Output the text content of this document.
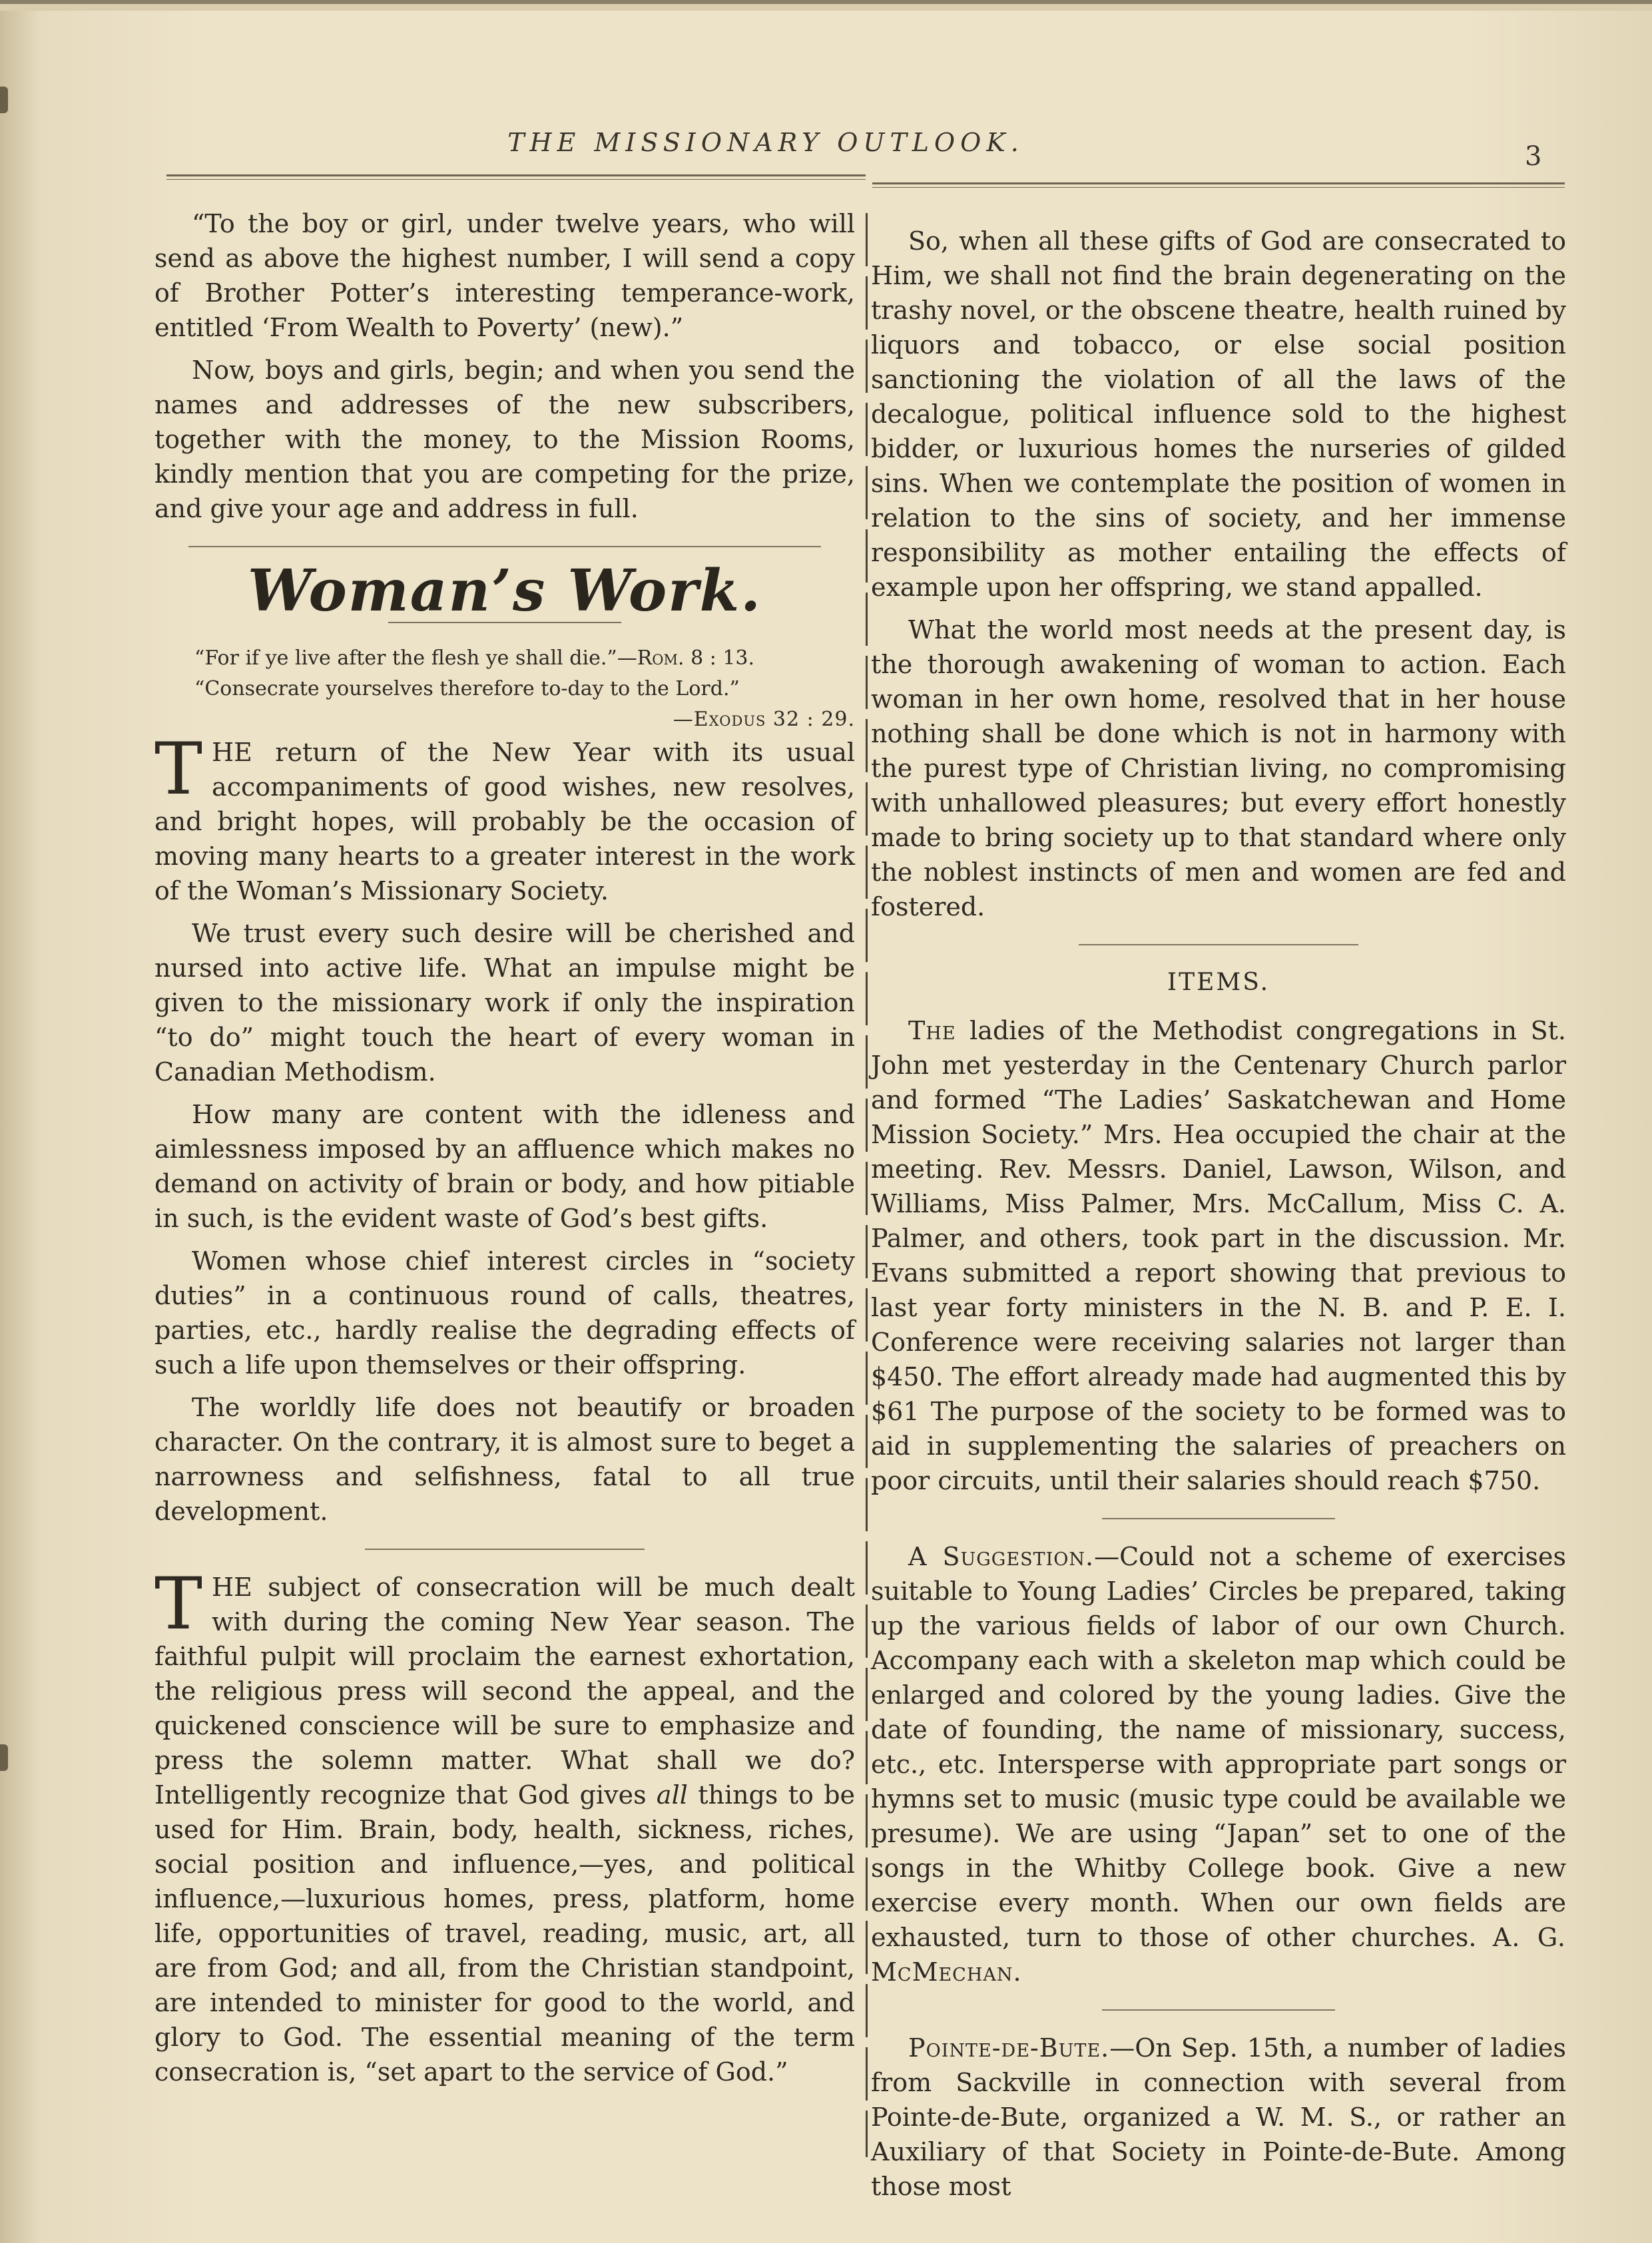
THE MISSIONARY OUTLOOK.	3

“To the boy or girl, under twelve years, who will send as above the highest number, I will send a copy of Brother Potter’s interesting temperance-work, entitled ‘From Wealth to Poverty’ (new).”

Now, boys and girls, begin; and when you send the names and addresses of the new subscribers, together with the money, to the Mission Rooms, kindly mention that you are competing for the prize, and give your age and address in full.

Woman’s Work.
“For if ye live after the flesh ye shall die.”—Rom. 8 : 13.
“Consecrate yourselves therefore to-day to the Lord.”
—Exodus 32 : 29.

THE return of the New Year with its usual accompaniments of good wishes, new resolves, and bright hopes, will probably be the occasion of moving many hearts to a greater interest in the work of the Woman’s Missionary Society.

We trust every such desire will be cherished and nursed into active life. What an impulse might be given to the missionary work if only the inspiration “to do” might touch the heart of every woman in Canadian Methodism.

How many are content with the idleness and aimlessness imposed by an affluence which makes no demand on activity of brain or body, and how pitiable in such, is the evident waste of God’s best gifts.

Women whose chief interest circles in “society duties” in a continuous round of calls, theatres, parties, etc., hardly realise the degrading effects of such a life upon themselves or their offspring.

The worldly life does not beautify or broaden character. On the contrary, it is almost sure to beget a narrowness and selfishness, fatal to all true development.

THE subject of consecration will be much dealt with during the coming New Year season. The faithful pulpit will proclaim the earnest exhortation, the religious press will second the appeal, and the quickened conscience will be sure to emphasize and press the solemn matter. What shall we do? Intelligently recognize that God gives all things to be used for Him. Brain, body, health, sickness, riches, social position and influence,—yes, and political influence,—luxurious homes, press, platform, home life, opportunities of travel, reading, music, art, all are from God; and all, from the Christian standpoint, are intended to minister for good to the world, and glory to God. The essential meaning of the term consecration is, “set apart to the service of God.”

So, when all these gifts of God are consecrated to Him, we shall not find the brain degenerating on the trashy novel, or the obscene theatre, health ruined by liquors and tobacco, or else social position sanctioning the violation of all the laws of the decalogue, political influence sold to the highest bidder, or luxurious homes the nurseries of gilded sins. When we contemplate the position of women in relation to the sins of society, and her immense responsibility as mother entailing the effects of example upon her offspring, we stand appalled.

What the world most needs at the present day, is the thorough awakening of woman to action. Each woman in her own home, resolved that in her house nothing shall be done which is not in harmony with the purest type of Christian living, no compromising with unhallowed pleasures; but every effort honestly made to bring society up to that standard where only the noblest instincts of men and women are fed and fostered.

ITEMS.

The ladies of the Methodist congregations in St. John met yesterday in the Centenary Church parlor and formed “The Ladies’ Saskatchewan and Home Mission Society.” Mrs. Hea occupied the chair at the meeting. Rev. Messrs. Daniel, Lawson, Wilson, and Williams, Miss Palmer, Mrs. McCallum, Miss C. A. Palmer, and others, took part in the discussion. Mr. Evans submitted a report showing that previous to last year forty ministers in the N. B. and P. E. I. Conference were receiving salaries not larger than $450. The effort already made had augmented this by $61 The purpose of the society to be formed was to aid in supplementing the salaries of preachers on poor circuits, until their salaries should reach $750.

A Suggestion.—Could not a scheme of exercises suitable to Young Ladies’ Circles be prepared, taking up the various fields of labor of our own Church. Accompany each with a skeleton map which could be enlarged and colored by the young ladies. Give the date of founding, the name of missionary, success, etc., etc. Intersperse with appropriate part songs or hymns set to music (music type could be available we presume). We are using “Japan” set to one of the songs in the Whitby College book. Give a new exercise every month. When our own fields are exhausted, turn to those of other churches. A. G. McMechan.

Pointe-de-Bute.—On Sep. 15th, a number of ladies from Sackville in connection with several from Pointe-de-Bute, organized a W. M. S., or rather an Auxiliary of that Society in Pointe-de-Bute. Among those most
